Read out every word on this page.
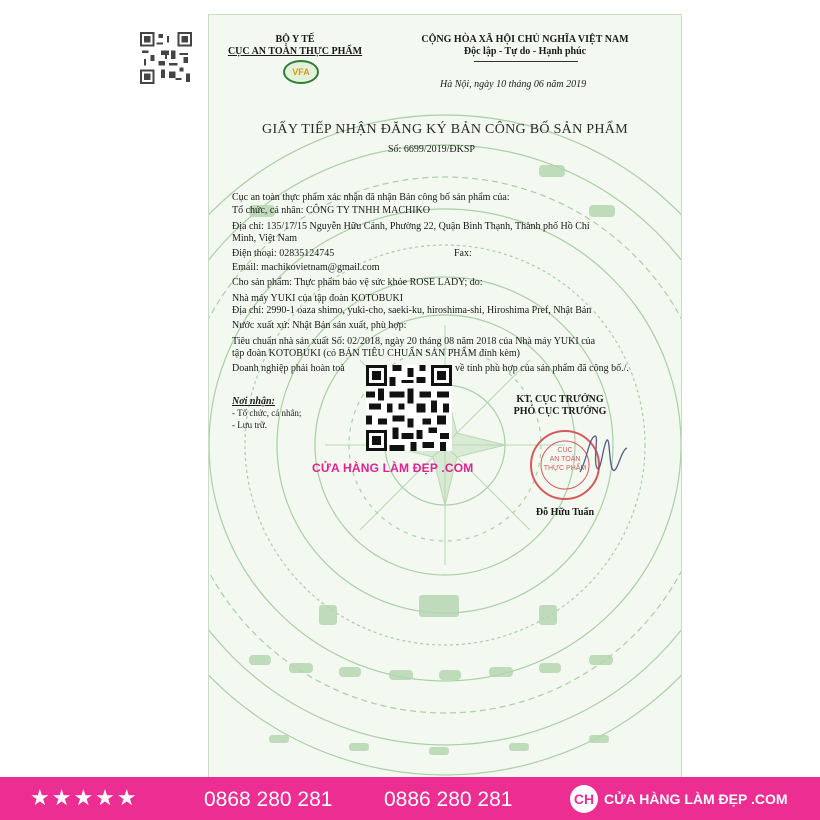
BỘ Y TẾ
CỤC AN TOÀN THỰC PHẨM
VFA
CỘNG HÒA XÃ HỘI CHỦ NGHĨA VIỆT NAM
Độc lập - Tự do - Hạnh phúc
Hà Nội, ngày 10 tháng 06 năm 2019
GIẤY TIẾP NHẬN ĐĂNG KÝ BẢN CÔNG BỐ SẢN PHẨM
Số: 6699/2019/ĐKSP
Cục an toàn thực phẩm xác nhận đã nhận Bản công bố sản phẩm của:
Tổ chức, cá nhân: CÔNG TY TNHH MACHIKO
Địa chỉ: 135/17/15 Nguyễn Hữu Cảnh, Phường 22, Quận Bình Thạnh, Thành phố Hồ Chí
Minh, Việt Nam
Điện thoại: 02835124745	Fax:
Email: machikovietnam@gmail.com
Cho sản phẩm: Thực phẩm bảo vệ sức khỏe ROSE LADY; do:
Nhà máy YUKI của tập đoàn KOTOBUKI
Địa chỉ: 2990-1 oaza shimo, yuki-cho, saeki-ku, hiroshima-shi, Hiroshima Pref, Nhật Bản
Nước xuất xứ: Nhật Bản sản xuất, phù hợp:
Tiêu chuẩn nhà sản xuất Số: 02/2018, ngày 20 tháng 08 năm 2018 của Nhà máy YUKI của
tập đoàn KOTOBUKI (có BẢN TIÊU CHUẨN SẢN PHẨM đính kèm)
Doanh nghiệp phải hoàn toà	về tính phù hợp của sản phẩm đã công bố./.
Nơi nhận:
- Tổ chức, cá nhân;
- Lưu trữ.
KT. CỤC TRƯỞNG
PHÓ CỤC TRƯỞNG
CỤC
AN TOÀN
THỰC PHẨM
Đỗ Hữu Tuấn
CỬA HÀNG LÀM ĐẸP .COM
★★★★★	0868 280 281 0886 280 281	CH CỬA HÀNG LÀM ĐẸP .COM
